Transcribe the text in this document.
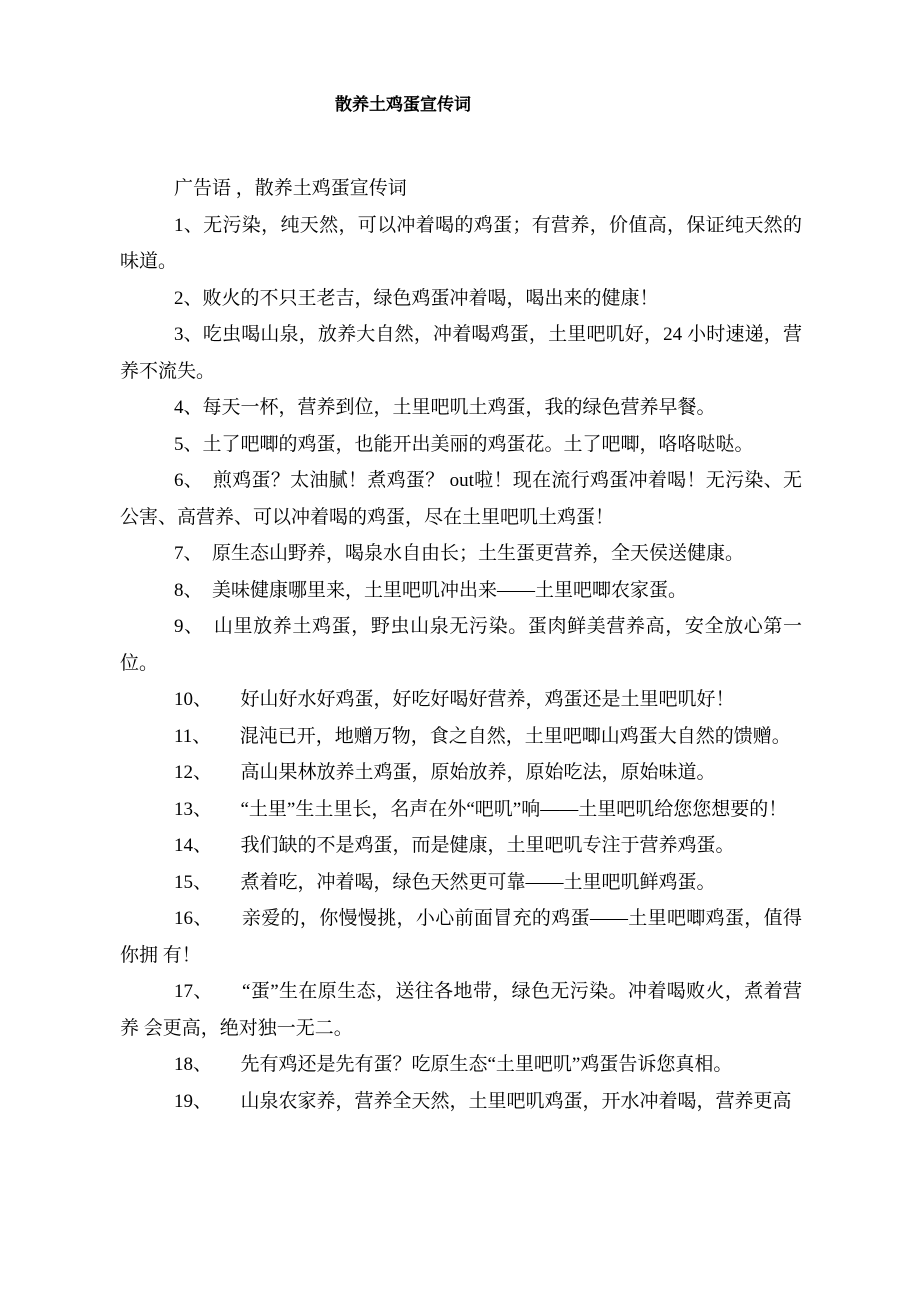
散养土鸡蛋宣传词

广告语 ，散养土鸡蛋宣传词

1、无污染，纯天然，可以冲着喝的鸡蛋；有营养，价值高，保证纯天然的味道。

2、败火的不只王老吉，绿色鸡蛋冲着喝，喝出来的健康！

3、吃虫喝山泉，放养大自然，冲着喝鸡蛋，土里吧叽好，24 小时速递，营养不流失。

4、每天一杯，营养到位，土里吧叽土鸡蛋，我的绿色营养早餐。

5、土了吧唧的鸡蛋，也能开出美丽的鸡蛋花。土了吧唧，咯咯哒哒。

6、　煎鸡蛋？太油腻！煮鸡蛋？ out啦！现在流行鸡蛋冲着喝！无污染、无公害、高营养、可以冲着喝的鸡蛋，尽在土里吧叽土鸡蛋！

7、　原生态山野养，喝泉水自由长；土生蛋更营养，全天侯送健康。

8、　美味健康哪里来，土里吧叽冲出来——土里吧唧农家蛋。

9、　山里放养土鸡蛋，野虫山泉无污染。蛋肉鲜美营养高，安全放心第一位。

10、　　好山好水好鸡蛋，好吃好喝好营养，鸡蛋还是土里吧叽好！

11、　　混沌已开，地赠万物，食之自然，土里吧唧山鸡蛋大自然的馈赠。

12、　　高山果林放养土鸡蛋，原始放养，原始吃法，原始味道。

13、　　“土里”生土里长，名声在外“吧叽”响——土里吧叽给您您想要的！

14、　　我们缺的不是鸡蛋，而是健康，土里吧叽专注于营养鸡蛋。

15、　　煮着吃，冲着喝，绿色天然更可靠——土里吧叽鲜鸡蛋。

16、　　亲爱的，你慢慢挑，小心前面冒充的鸡蛋——土里吧唧鸡蛋，值得你拥 有！

17、　　“蛋”生在原生态，送往各地带，绿色无污染。冲着喝败火，煮着营养 会更高，绝对独一无二。

18、　　先有鸡还是先有蛋？吃原生态“土里吧叽”鸡蛋告诉您真相。

19、　　山泉农家养，营养全天然，土里吧叽鸡蛋，开水冲着喝，营养更高
